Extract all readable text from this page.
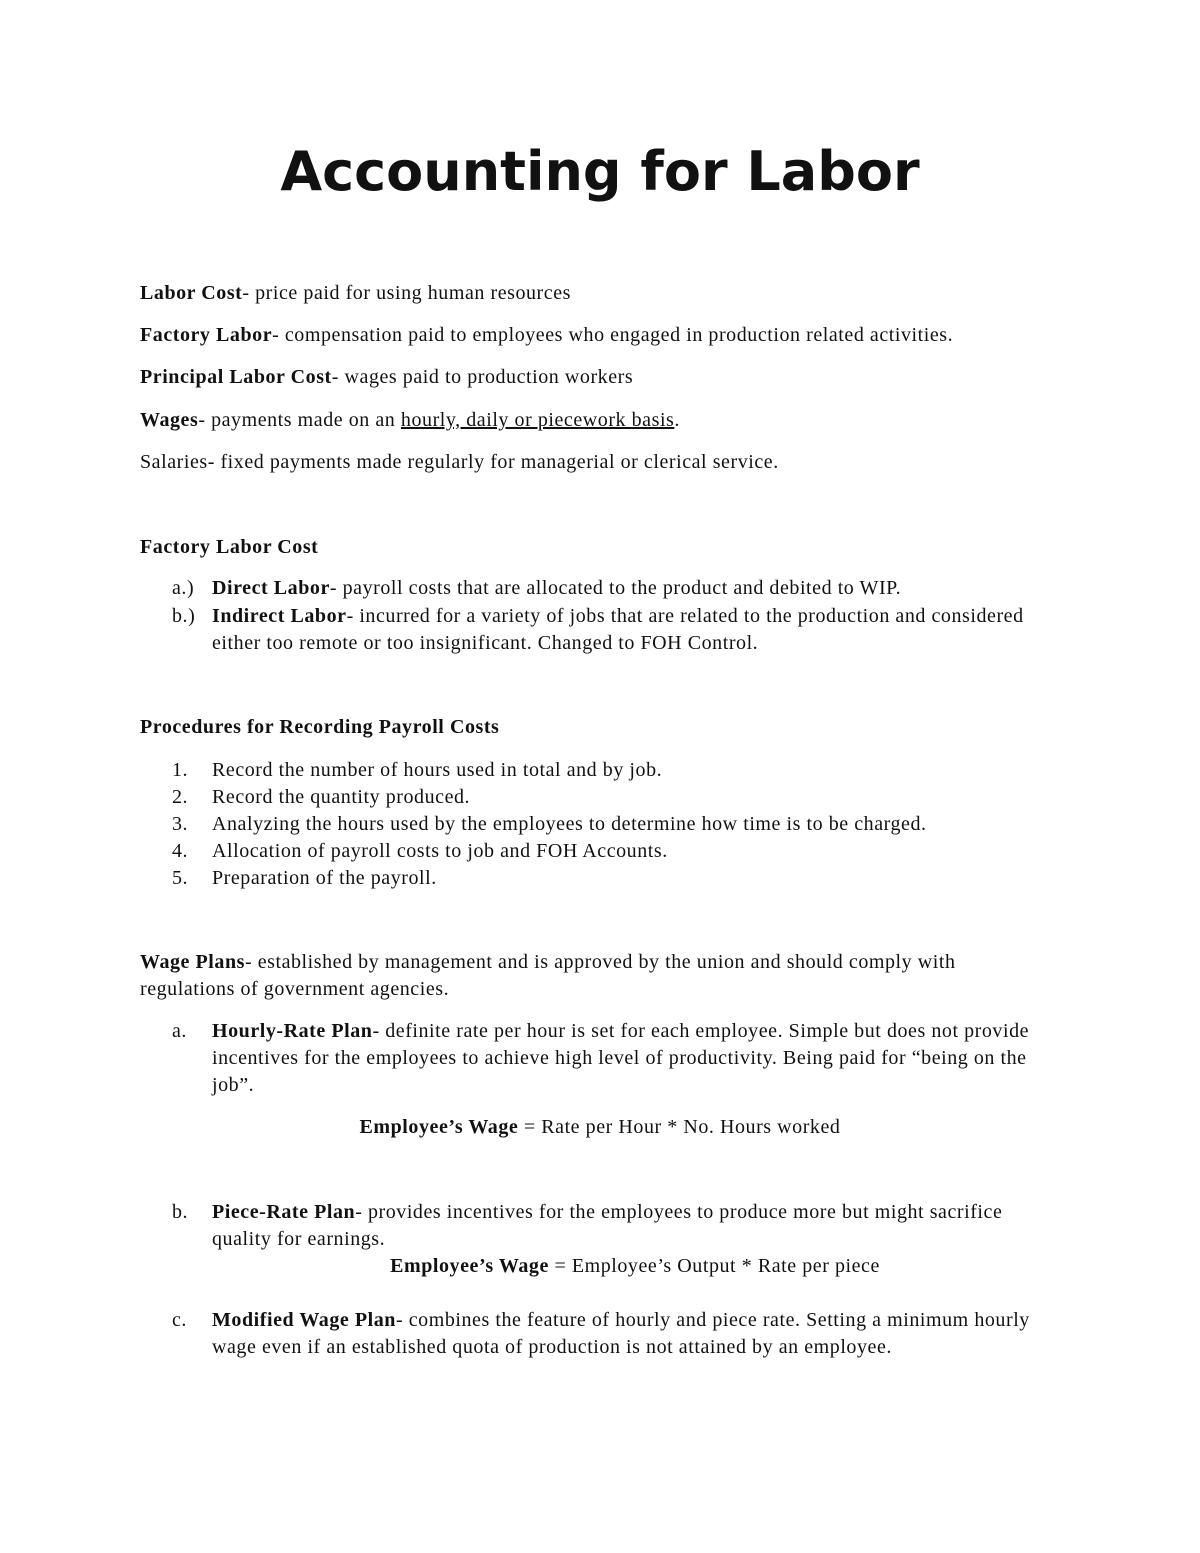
Accounting for Labor
Labor Cost- price paid for using human resources
Factory Labor- compensation paid to employees who engaged in production related activities.
Principal Labor Cost- wages paid to production workers
Wages- payments made on an hourly, daily or piecework basis.
Salaries- fixed payments made regularly for managerial or clerical service.
Factory Labor Cost
a.) Direct Labor- payroll costs that are allocated to the product and debited to WIP.
b.) Indirect Labor- incurred for a variety of jobs that are related to the production and considered
either too remote or too insignificant. Changed to FOH Control.
Procedures for Recording Payroll Costs
1. Record the number of hours used in total and by job.
2. Record the quantity produced.
3. Analyzing the hours used by the employees to determine how time is to be charged.
4. Allocation of payroll costs to job and FOH Accounts.
5. Preparation of the payroll.
Wage Plans- established by management and is approved by the union and should comply with
regulations of government agencies.
a. Hourly-Rate Plan- definite rate per hour is set for each employee. Simple but does not provide
incentives for the employees to achieve high level of productivity. Being paid for “being on the
job”.
Employee’s Wage = Rate per Hour * No. Hours worked
b. Piece-Rate Plan- provides incentives for the employees to produce more but might sacrifice
quality for earnings.
Employee’s Wage = Employee’s Output * Rate per piece
c. Modified Wage Plan- combines the feature of hourly and piece rate. Setting a minimum hourly
wage even if an established quota of production is not attained by an employee.
